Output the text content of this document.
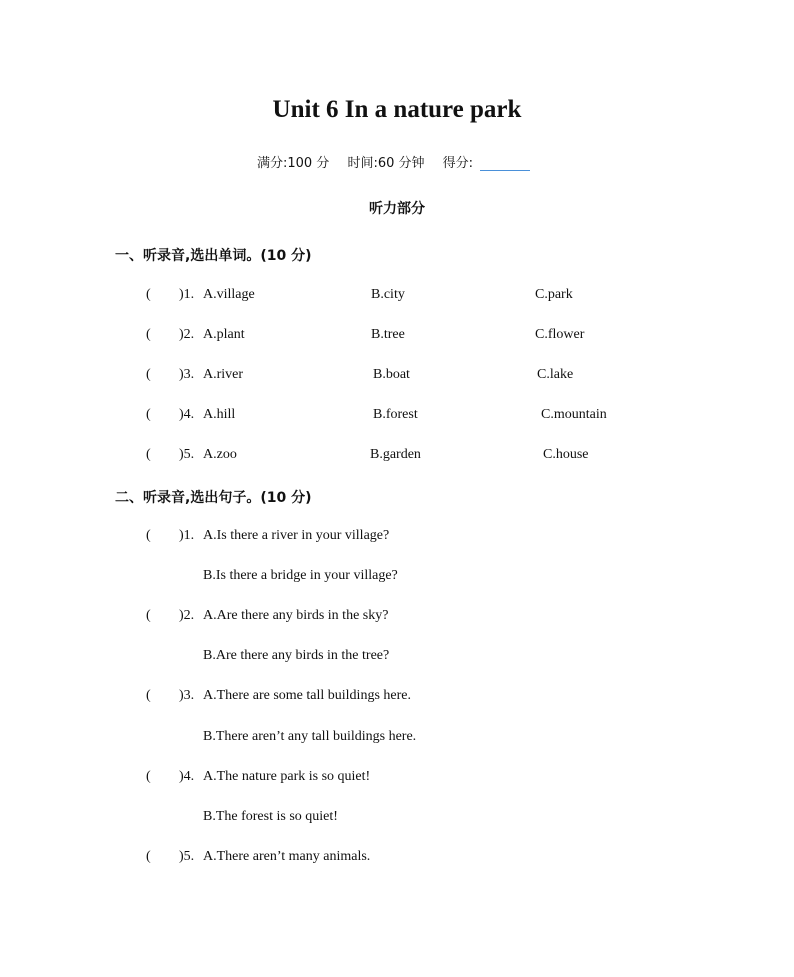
Unit 6 In a nature park
满分:100 分 时间:60 分钟 得分:
听力部分
一、听录音,选出单词。(10 分)
( )1. A.village	B.city	C.park
( )2. A.plant	B.tree	C.flower
( )3. A.river	B.boat	C.lake
( )4. A.hill	B.forest	C.mountain
( )5. A.zoo	B.garden	C.house
二、听录音,选出句子。(10 分)
( )1. A.Is there a river in your village?
B.Is there a bridge in your village?
( )2. A.Are there any birds in the sky?
B.Are there any birds in the tree?
( )3. A.There are some tall buildings here.
B.There aren’t any tall buildings here.
( )4. A.The nature park is so quiet!
B.The forest is so quiet!
( )5. A.There aren’t many animals.
